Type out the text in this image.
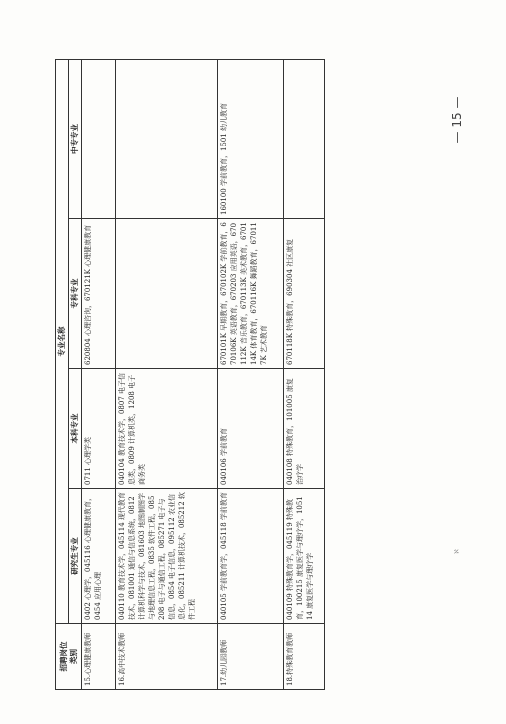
招聘岗位
类别	专业名称			
	研究生专业	本科专业	专科专业	中专专业
15.心理健康教师	0402 心理学，045116 心理健康教育，0454 应用心理	0711 心理学类	620804 心理咨询，670121K 心理健康教育	
16.高中技术教师	040110 教育技术学，045114 现代教育技术，081001 通信与信息系统，0812 计算机科学与技术，081603 地图制图学与地理信息工程，0835 软件工程，085208 电子与通信工程，085271 电子与信息，0854 电子信息，095112 农业信息化，085211 计算机技术，085212 软件工程	040104 教育技术学，0807 电子信息类，0809 计算机类，1208 电子商务类		
17.幼儿园教师	040105 学前教育学，045118 学前教育	040106 学前教育	670101K 早期教育，670102K 学前教育，670106K 英语教育，670203 应用英语，670112K 音乐教育，670113K 美术教育，670114K 体育教育，670116K 舞蹈教育，670117K 艺术教育	160100 学前教育，1501 幼儿教育
18.特殊教育教师	040109 特殊教育学，045119 特殊教育，100215 康复医学与理疗学，105114 康复医学与理疗学	040108 特殊教育，101005 康复治疗学	670118K 特殊教育，690304 社区康复	
— 15 —
ℵ
